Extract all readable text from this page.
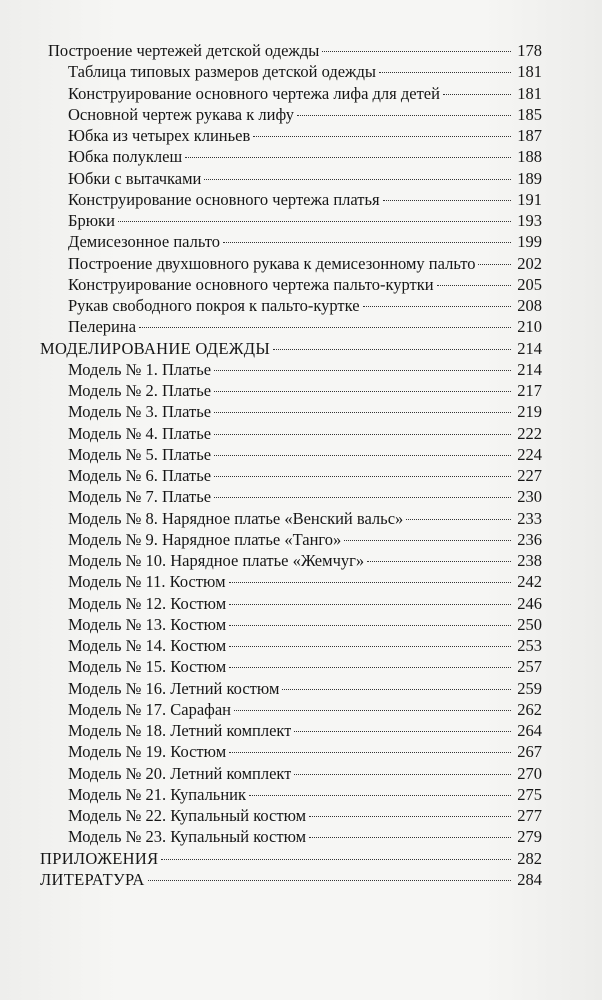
Построение чертежей детской одежды	178
Таблица типовых размеров детской одежды	181
Конструирование основного чертежа лифа для детей	181
Основной чертеж рукава к лифу	185
Юбка из четырех клиньев	187
Юбка полуклеш	188
Юбки с вытачками	189
Конструирование основного чертежа платья	191
Брюки	193
Демисезонное пальто	199
Построение двухшовного рукава к демисезонному пальто	202
Конструирование основного чертежа пальто-куртки	205
Рукав свободного покроя к пальто-куртке	208
Пелерина	210
МОДЕЛИРОВАНИЕ ОДЕЖДЫ	214
Модель № 1. Платье	214
Модель № 2. Платье	217
Модель № 3. Платье	219
Модель № 4. Платье	222
Модель № 5. Платье	224
Модель № 6. Платье	227
Модель № 7. Платье	230
Модель № 8. Нарядное платье «Венский вальс»	233
Модель № 9. Нарядное платье «Танго»	236
Модель № 10. Нарядное платье «Жемчуг»	238
Модель № 11. Костюм	242
Модель № 12. Костюм	246
Модель № 13. Костюм	250
Модель № 14. Костюм	253
Модель № 15. Костюм	257
Модель № 16. Летний костюм	259
Модель № 17. Сарафан	262
Модель № 18. Летний комплект	264
Модель № 19. Костюм	267
Модель № 20. Летний комплект	270
Модель № 21. Купальник	275
Модель № 22. Купальный костюм	277
Модель № 23. Купальный костюм	279
ПРИЛОЖЕНИЯ	282
ЛИТЕРАТУРА	284
